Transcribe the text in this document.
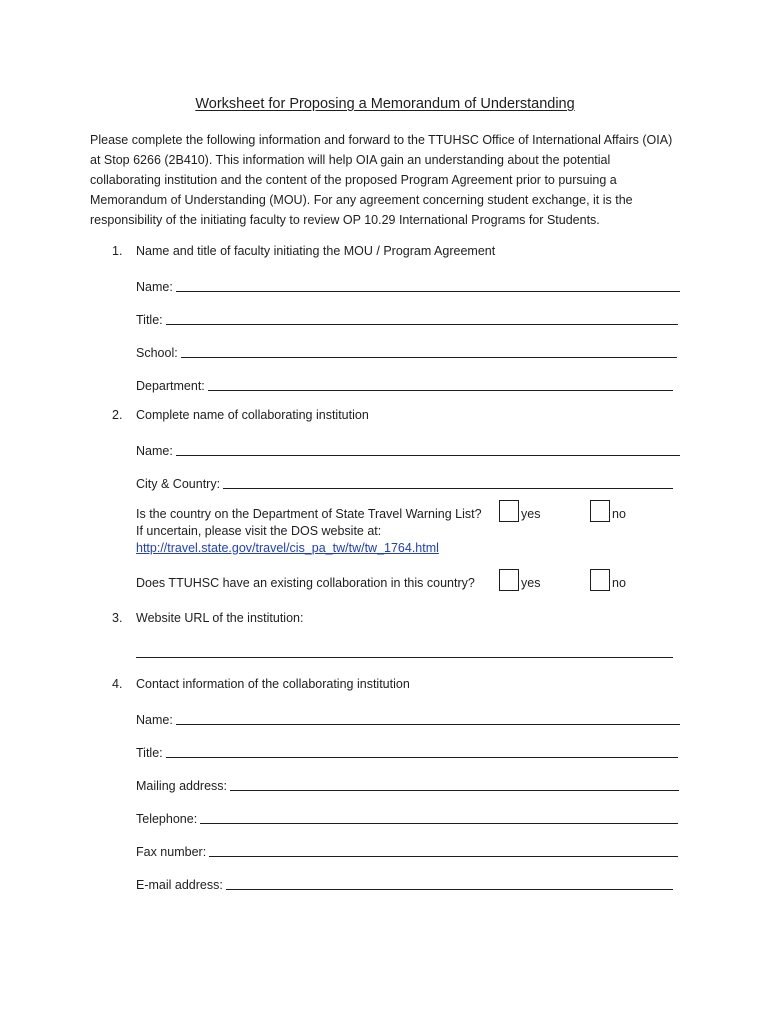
Worksheet for Proposing a Memorandum of Understanding
Please complete the following information and forward to the TTUHSC Office of International Affairs (OIA) at Stop 6266 (2B410). This information will help OIA gain an understanding about the potential collaborating institution and the content of the proposed Program Agreement prior to pursuing a Memorandum of Understanding (MOU). For any agreement concerning student exchange, it is the responsibility of the initiating faculty to review OP 10.29 International Programs for Students.
1. Name and title of faculty initiating the MOU / Program Agreement
Name:
Title:
School:
Department:
2. Complete name of collaborating institution
Name:
City & Country:
Is the country on the Department of State Travel Warning List?	yes	no
If uncertain, please visit the DOS website at:
http://travel.state.gov/travel/cis_pa_tw/tw/tw_1764.html
Does TTUHSC have an existing collaboration in this country?	yes	no
3. Website URL of the institution:
4. Contact information of the collaborating institution
Name:
Title:
Mailing address:
Telephone:
Fax number:
E-mail address:
